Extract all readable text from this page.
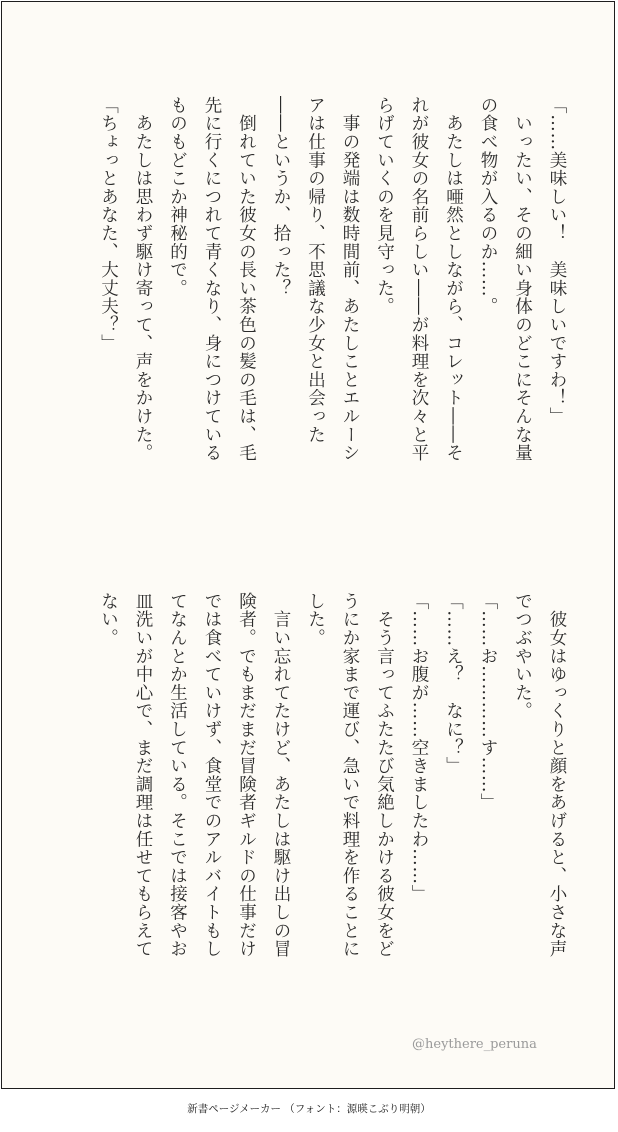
「……美味しい！　美味しいですわ！」

　いったい、その細い身体のどこにそんな量

の食べ物が入るのか……。

　あたしは唖然としながら、コレット――そ

れが彼女の名前らしい――が料理を次々と平

らげていくのを見守った。

　事の発端は数時間前、あたしことエルーシ

アは仕事の帰り、不思議な少女と出会った

――というか、拾った？

　倒れていた彼女の長い茶色の髪の毛は、毛

先に行くにつれて青くなり、身につけている

ものもどこか神秘的で。

　あたしは思わず駆け寄って、声をかけた。

「ちょっとあなた、大丈夫？」

　彼女はゆっくりと顔をあげると、小さな声

でつぶやいた。

「……お…………す……」

「……え？　なに？」

「……お腹が……空きましたわ……」

　そう言ってふたたび気絶しかける彼女をど

うにか家まで運び、急いで料理を作ることに

した。

　言い忘れてたけど、あたしは駆け出しの冒

険者。でもまだまだ冒険者ギルドの仕事だけ

では食べていけず、食堂でのアルバイトもし

てなんとか生活している。そこでは接客やお

皿洗いが中心で、まだ調理は任せてもらえて

ない。

@heythere_peruna
新書ページメーカー （フォント：源暎こぶり明朝）
